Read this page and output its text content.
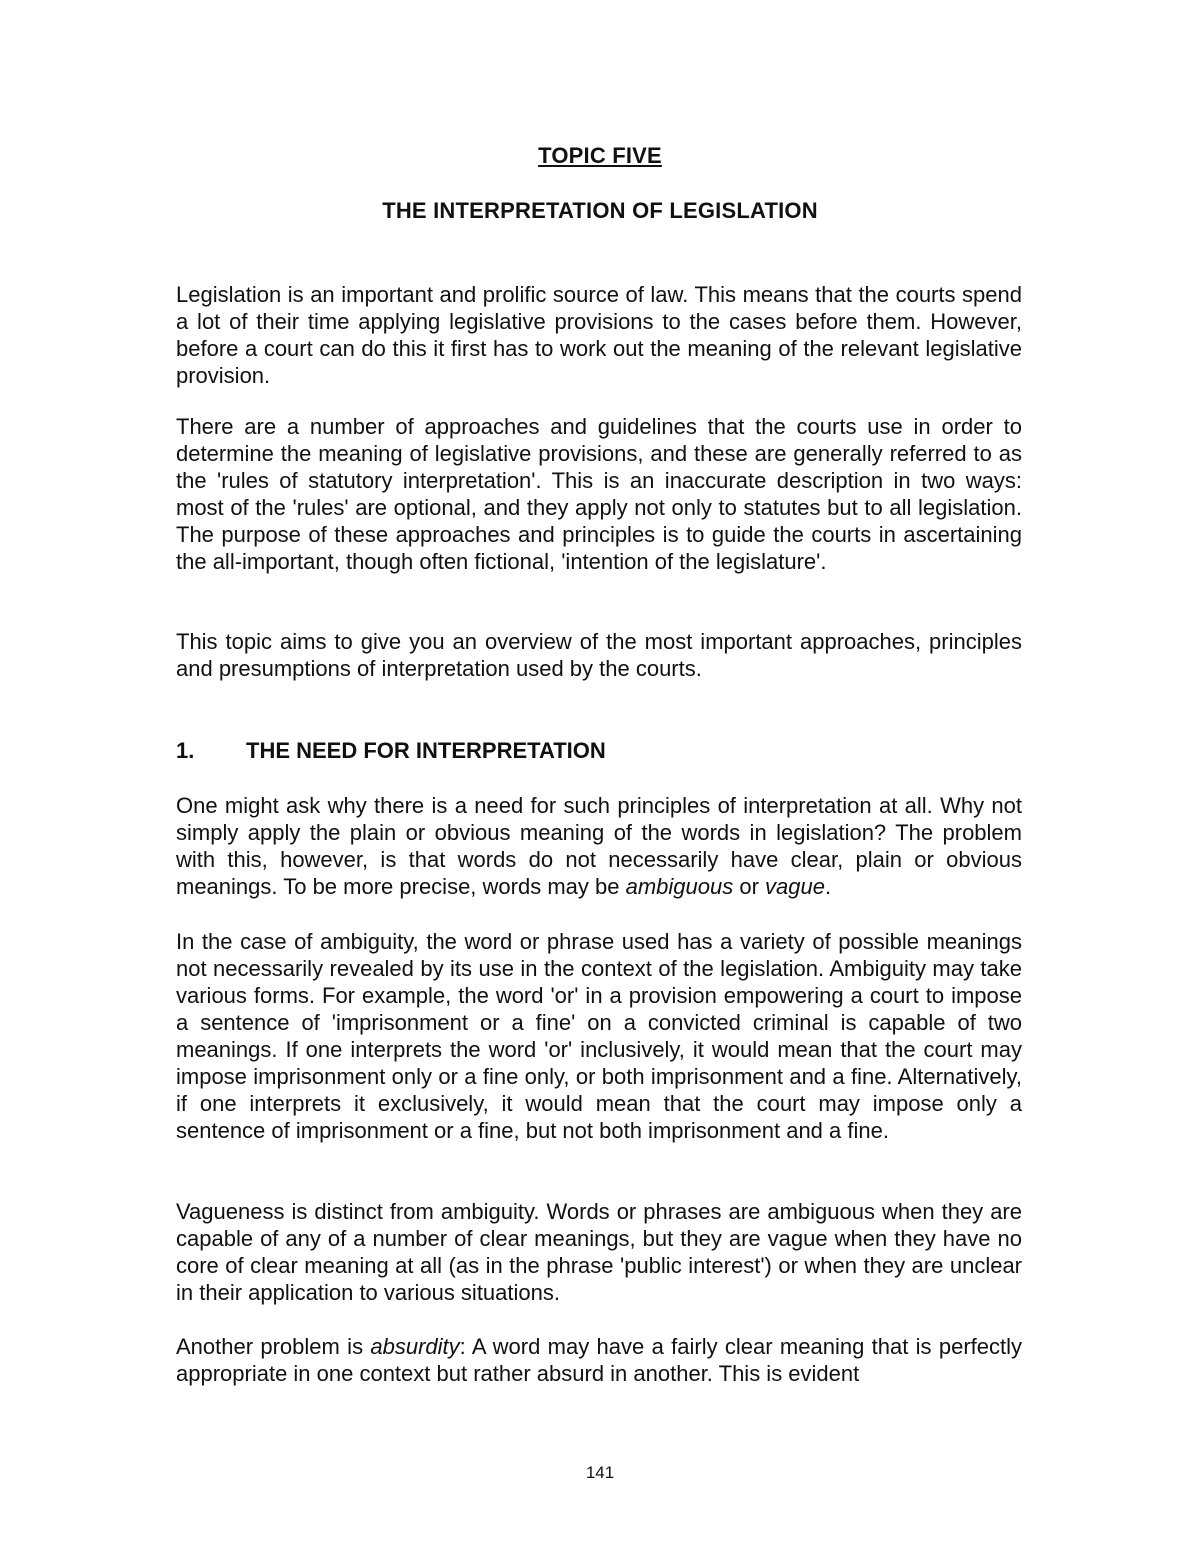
TOPIC FIVE
THE INTERPRETATION OF LEGISLATION

Legislation is an important and prolific source of law. This means that the courts spend a lot of their time applying legislative provisions to the cases before them. However, before a court can do this it first has to work out the meaning of the relevant legislative provision.

There are a number of approaches and guidelines that the courts use in order to determine the meaning of legislative provisions, and these are generally referred to as the 'rules of statutory interpretation'. This is an inaccurate description in two ways: most of the 'rules' are optional, and they apply not only to statutes but to all legislation. The purpose of these approaches and principles is to guide the courts in ascertaining the all-important, though often fictional, 'intention of the legislature'.

This topic aims to give you an overview of the most important approaches, principles and presumptions of interpretation used by the courts.

1. THE NEED FOR INTERPRETATION

One might ask why there is a need for such principles of interpretation at all. Why not simply apply the plain or obvious meaning of the words in legislation? The problem with this, however, is that words do not necessarily have clear, plain or obvious meanings. To be more precise, words may be ambiguous or vague.

In the case of ambiguity, the word or phrase used has a variety of possible meanings not necessarily revealed by its use in the context of the legislation. Ambiguity may take various forms. For example, the word 'or' in a provision empowering a court to impose a sentence of 'imprisonment or a fine' on a convicted criminal is capable of two meanings. If one interprets the word 'or' inclusively, it would mean that the court may impose imprisonment only or a fine only, or both imprisonment and a fine. Alternatively, if one interprets it exclusively, it would mean that the court may impose only a sentence of imprisonment or a fine, but not both imprisonment and a fine.

Vagueness is distinct from ambiguity. Words or phrases are ambiguous when they are capable of any of a number of clear meanings, but they are vague when they have no core of clear meaning at all (as in the phrase 'public interest') or when they are unclear in their application to various situations.

Another problem is absurdity: A word may have a fairly clear meaning that is perfectly appropriate in one context but rather absurd in another. This is evident

141
